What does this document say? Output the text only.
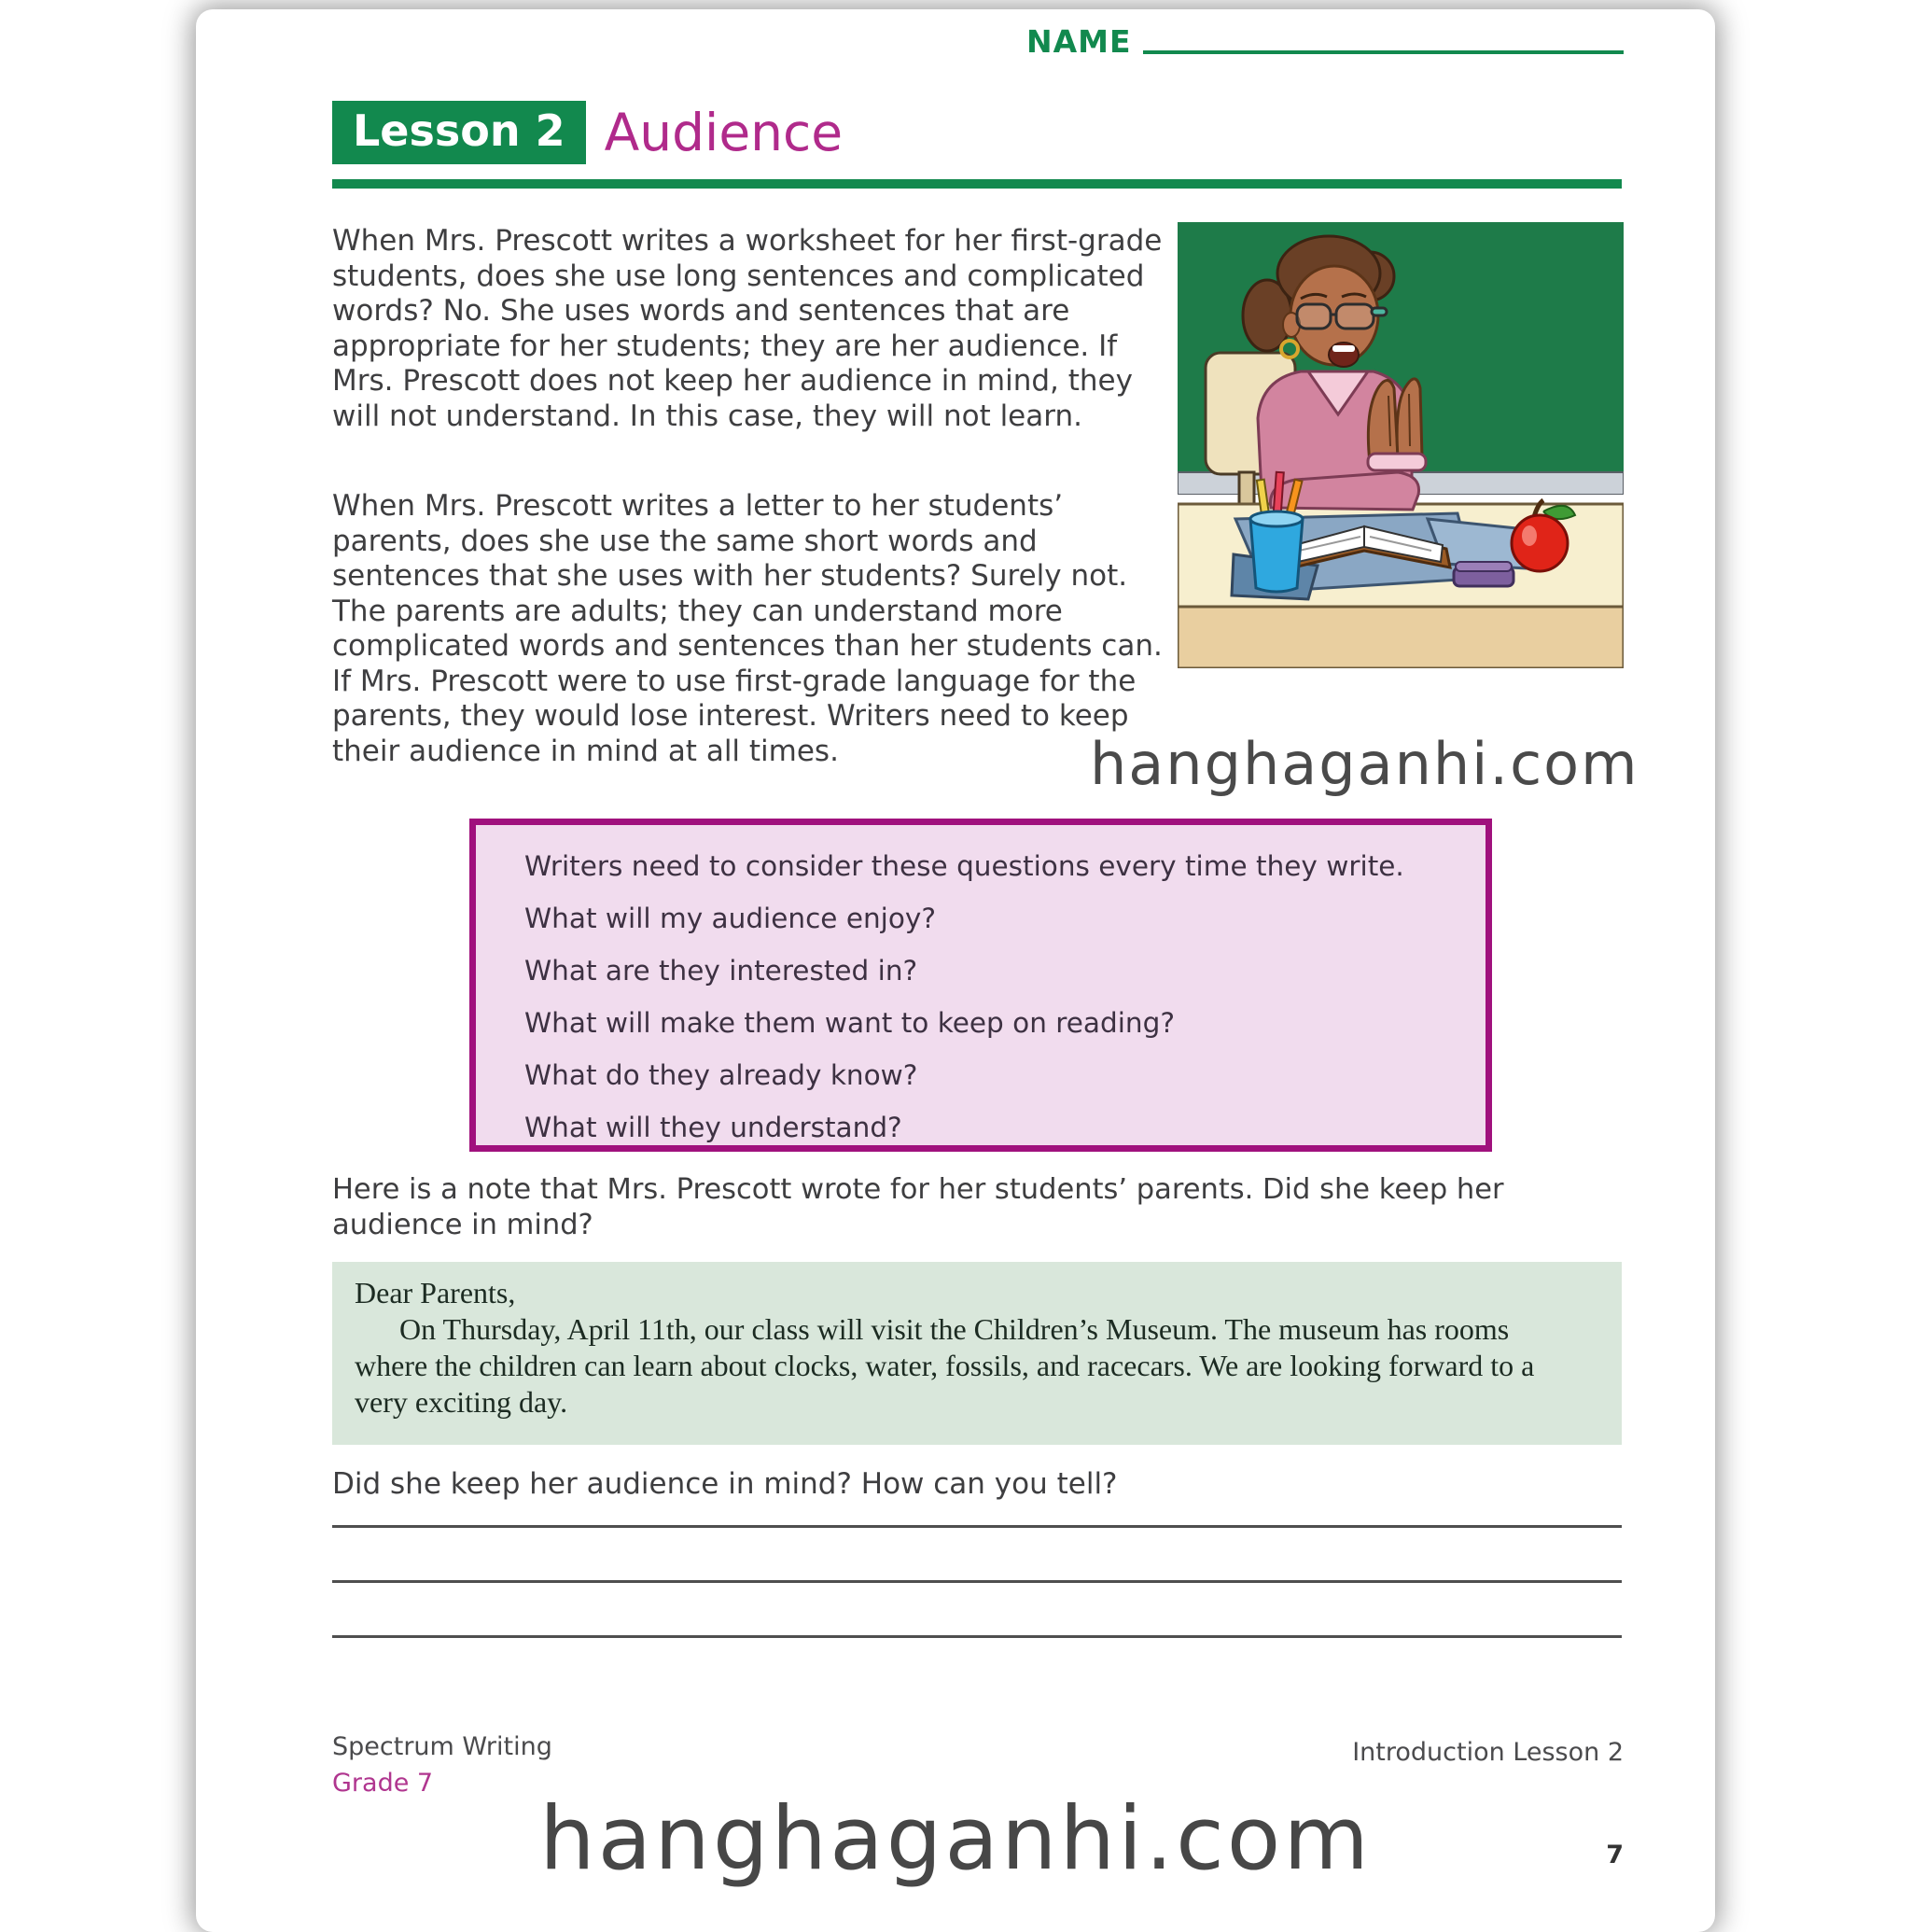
NAME
Lesson 2 Audience
When Mrs. Prescott writes a worksheet for her first-grade students, does she use long sentences and complicated words? No. She uses words and sentences that are appropriate for her students; they are her audience. If Mrs. Prescott does not keep her audience in mind, they will not understand. In this case, they will not learn.
When Mrs. Prescott writes a letter to her students’ parents, does she use the same short words and sentences that she uses with her students? Surely not. The parents are adults; they can understand more complicated words and sentences than her students can. If Mrs. Prescott were to use first-grade language for the parents, they would lose interest. Writers need to keep their audience in mind at all times.	hanghaganhi.com
Writers need to consider these questions every time they write.
What will my audience enjoy?
What are they interested in?
What will make them want to keep on reading?
What do they already know?
What will they understand?
Here is a note that Mrs. Prescott wrote for her students’ parents. Did she keep her audience in mind?
Dear Parents,
On Thursday, April 11th, our class will visit the Children’s Museum. The museum has rooms
where the children can learn about clocks, water, fossils, and racecars. We are looking forward to a
very exciting day.
Did she keep her audience in mind? How can you tell?
Spectrum Writing
Grade 7
Introduction Lesson 2
7
hanghaganhi.com
